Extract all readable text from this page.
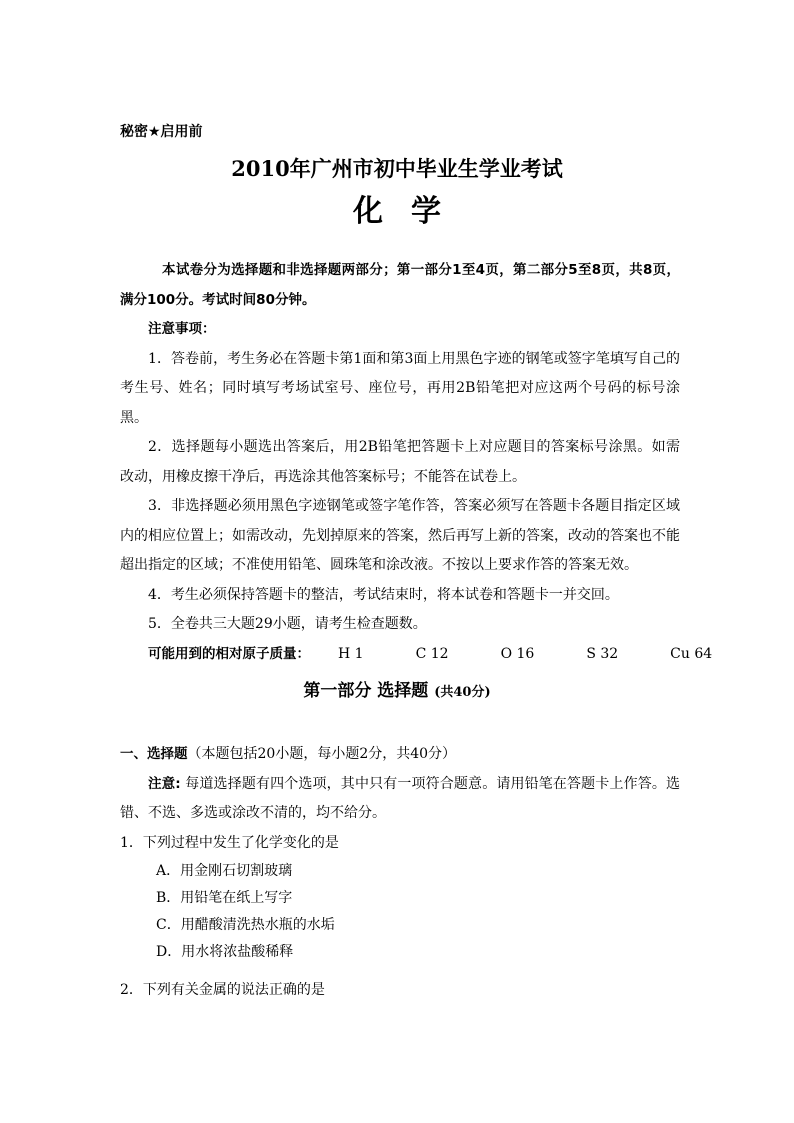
秘密★启用前
2010年广州市初中毕业生学业考试
化学

本试卷分为选择题和非选择题两部分；第一部分1至4页，第二部分5至8页，共8页，满分100分。考试时间80分钟。

注意事项：

1．答卷前，考生务必在答题卡第1面和第3面上用黑色字迹的钢笔或签字笔填写自己的考生号、姓名；同时填写考场试室号、座位号，再用2B铅笔把对应这两个号码的标号涂黑。

2．选择题每小题选出答案后，用2B铅笔把答题卡上对应题目的答案标号涂黑。如需改动，用橡皮擦干净后，再选涂其他答案标号；不能答在试卷上。

3．非选择题必须用黑色字迹钢笔或签字笔作答，答案必须写在答题卡各题目指定区域内的相应位置上；如需改动，先划掉原来的答案，然后再写上新的答案，改动的答案也不能超出指定的区域；不准使用铅笔、圆珠笔和涂改液。不按以上要求作答的答案无效。

4．考生必须保持答题卡的整洁，考试结束时，将本试卷和答题卡一并交回。

5．全卷共三大题29小题，请考生检查题数。

可能用到的相对原子质量： H 1	C 12	O 16	S 32	Cu 64

第一部分 选择题 (共40分)

一、选择题（本题包括20小题，每小题2分，共40分）

注意: 每道选择题有四个选项，其中只有一项符合题意。请用铅笔在答题卡上作答。选错、不选、多选或涂改不清的，均不给分。

1．下列过程中发生了化学变化的是

A．用金刚石切割玻璃

B．用铅笔在纸上写字

C．用醋酸清洗热水瓶的水垢

D．用水将浓盐酸稀释

2．下列有关金属的说法正确的是
